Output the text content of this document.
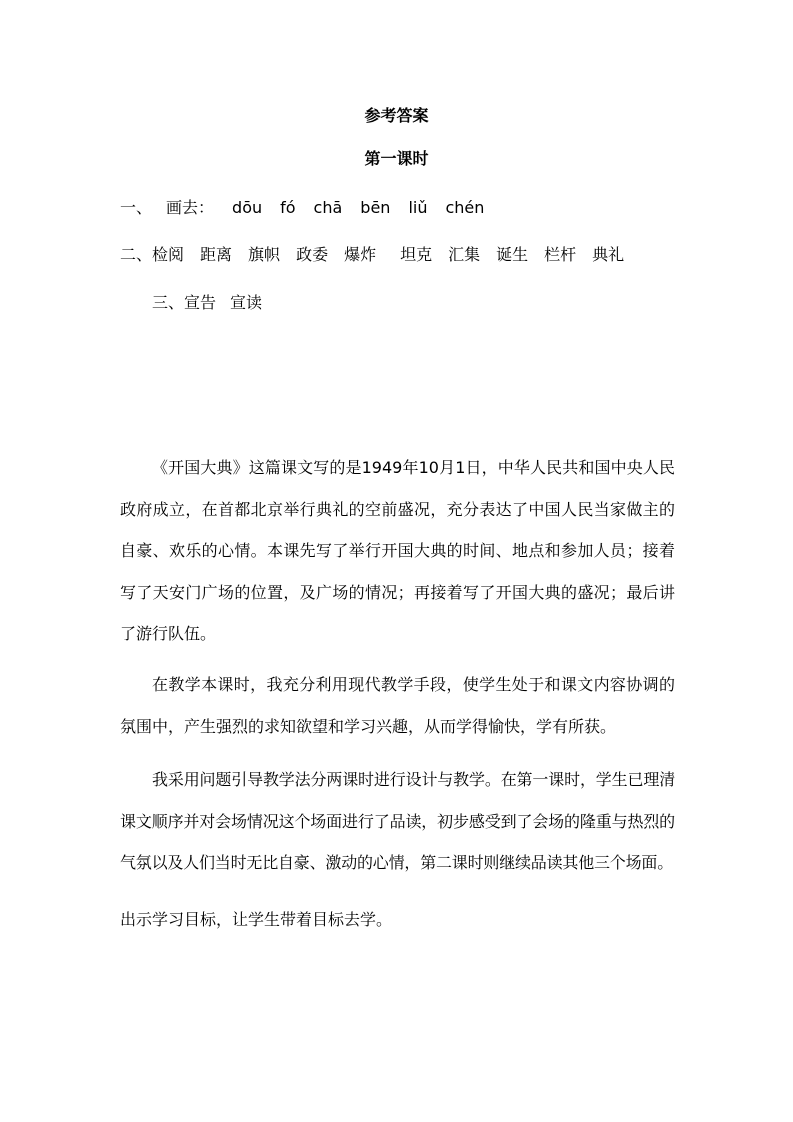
参考答案
第一课时
一、 画去： dōu fó chā bēn liǔ chén
二、检阅 距离 旗帜 政委 爆炸 坦克 汇集 诞生 栏杆 典礼
三、宣告 宣读
《开国大典》这篇课文写的是1949年10月1日，中华人民共和国中央人民政府成立，在首都北京举行典礼的空前盛况，充分表达了中国人民当家做主的自豪、欢乐的心情。本课先写了举行开国大典的时间、地点和参加人员；接着写了天安门广场的位置，及广场的情况；再接着写了开国大典的盛况；最后讲了游行队伍。
在教学本课时，我充分利用现代教学手段，使学生处于和课文内容协调的氛围中，产生强烈的求知欲望和学习兴趣，从而学得愉快，学有所获。
我采用问题引导教学法分两课时进行设计与教学。在第一课时，学生已理清课文顺序并对会场情况这个场面进行了品读，初步感受到了会场的隆重与热烈的气氛以及人们当时无比自豪、激动的心情，第二课时则继续品读其他三个场面。
出示学习目标，让学生带着目标去学。
